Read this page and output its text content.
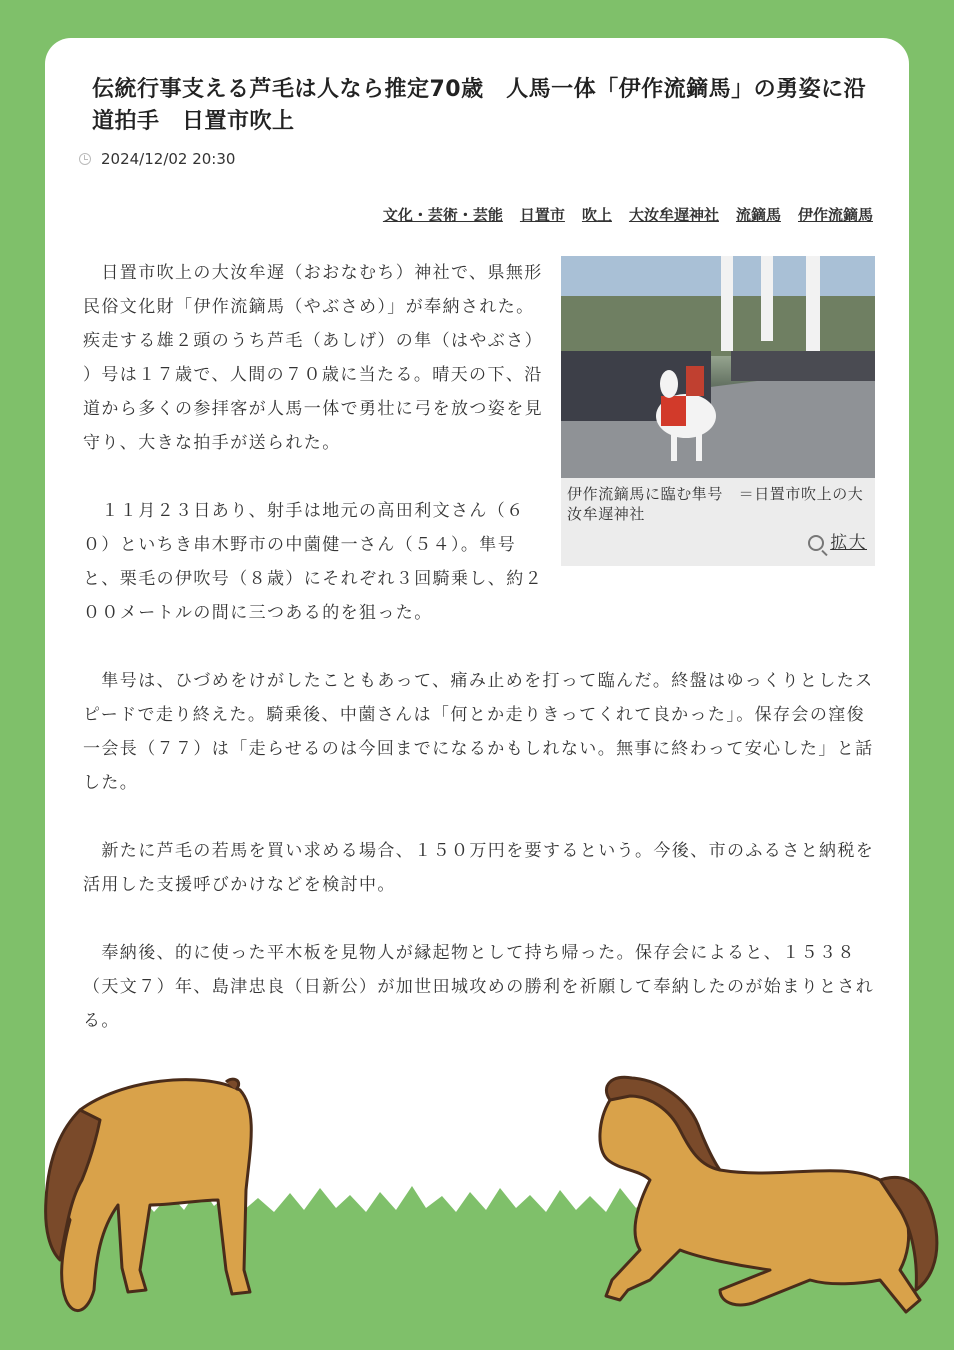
伝統行事支える芦毛は人なら推定70歳　人馬一体「伊作流鏑馬」の勇姿に沿道拍手　日置市吹上
2024/12/02 20:30
文化・芸術・芸能 日置市 吹上 大汝牟遅神社 流鏑馬 伊作流鏑馬
伊作流鏑馬に臨む隼号　＝日置市吹上の大汝牟遅神社
拡大

　日置市吹上の大汝牟遅（おおなむち）神社で、県無形民俗文化財「伊作流鏑馬（やぶさめ）」が奉納された。疾走する雄２頭のうち芦毛（あしげ）の隼（はやぶさ）
）号は１７歳で、人間の７０歳に当たる。晴天の下、沿道から多くの参拝客が人馬一体で勇壮に弓を放つ姿を見守り、大きな拍手が送られた。

　１１月２３日あり、射手は地元の高田利文さん（６０）といちき串木野市の中薗健一さん（５４）。隼号と、栗毛の伊吹号（８歳）にそれぞれ３回騎乗し、約２００メートルの間に三つある的を狙った。

　隼号は、ひづめをけがしたこともあって、痛み止めを打って臨んだ。終盤はゆっくりとしたスピードで走り終えた。騎乗後、中薗さんは「何とか走りきってくれて良かった」。保存会の窪俊一会長（７７）は「走らせるのは今回までになるかもしれない。無事に終わって安心した」と話した。

　新たに芦毛の若馬を買い求める場合、１５０万円を要するという。今後、市のふるさと納税を活用した支援呼びかけなどを検討中。

　奉納後、的に使った平木板を見物人が縁起物として持ち帰った。保存会によると、１５３８（天文７）年、島津忠良（日新公）が加世田城攻めの勝利を祈願して奉納したのが始まりとされる。
